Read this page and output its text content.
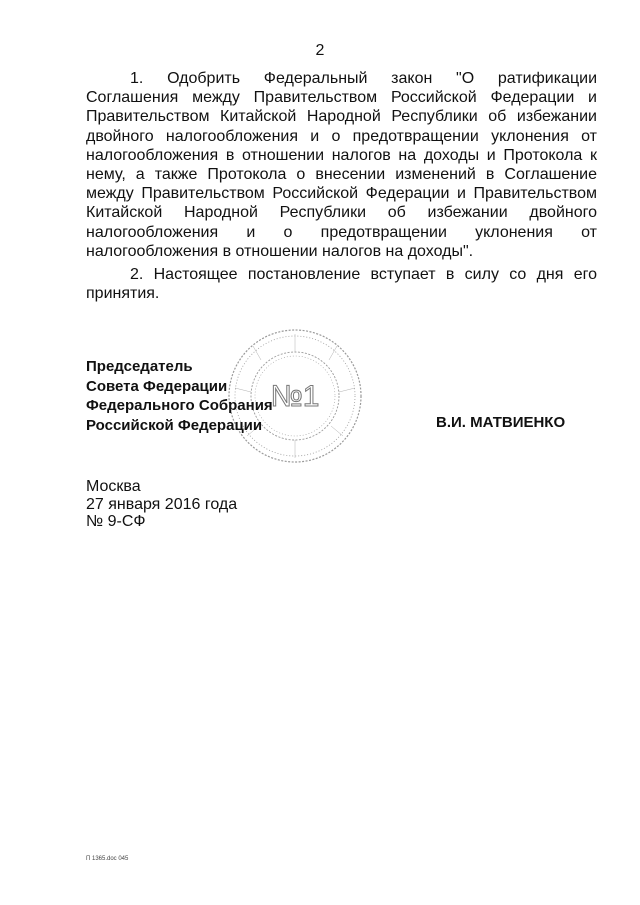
2
1. Одобрить Федеральный закон "О ратификации
Соглашения между Правительством Российской Федерации и
Правительством Китайской Народной Республики об избежании
двойного налогообложения и о предотвращении уклонения от
налогообложения в отношении налогов на доходы и Протокола к
нему, а также Протокола о внесении изменений в Соглашение
между Правительством Российской Федерации и Правительством
Китайской Народной Республики об избежании двойного
налогообложения и о предотвращении уклонения от
налогообложения в отношении налогов на доходы".
2. Настоящее постановление вступает в силу со дня его
принятия.
№1
Председатель
Совета Федерации
Федерального Собрания
Российской Федерации	В.И. МАТВИЕНКО
Москва
27 января 2016 года
№ 9-СФ
П 1365.doc 045
